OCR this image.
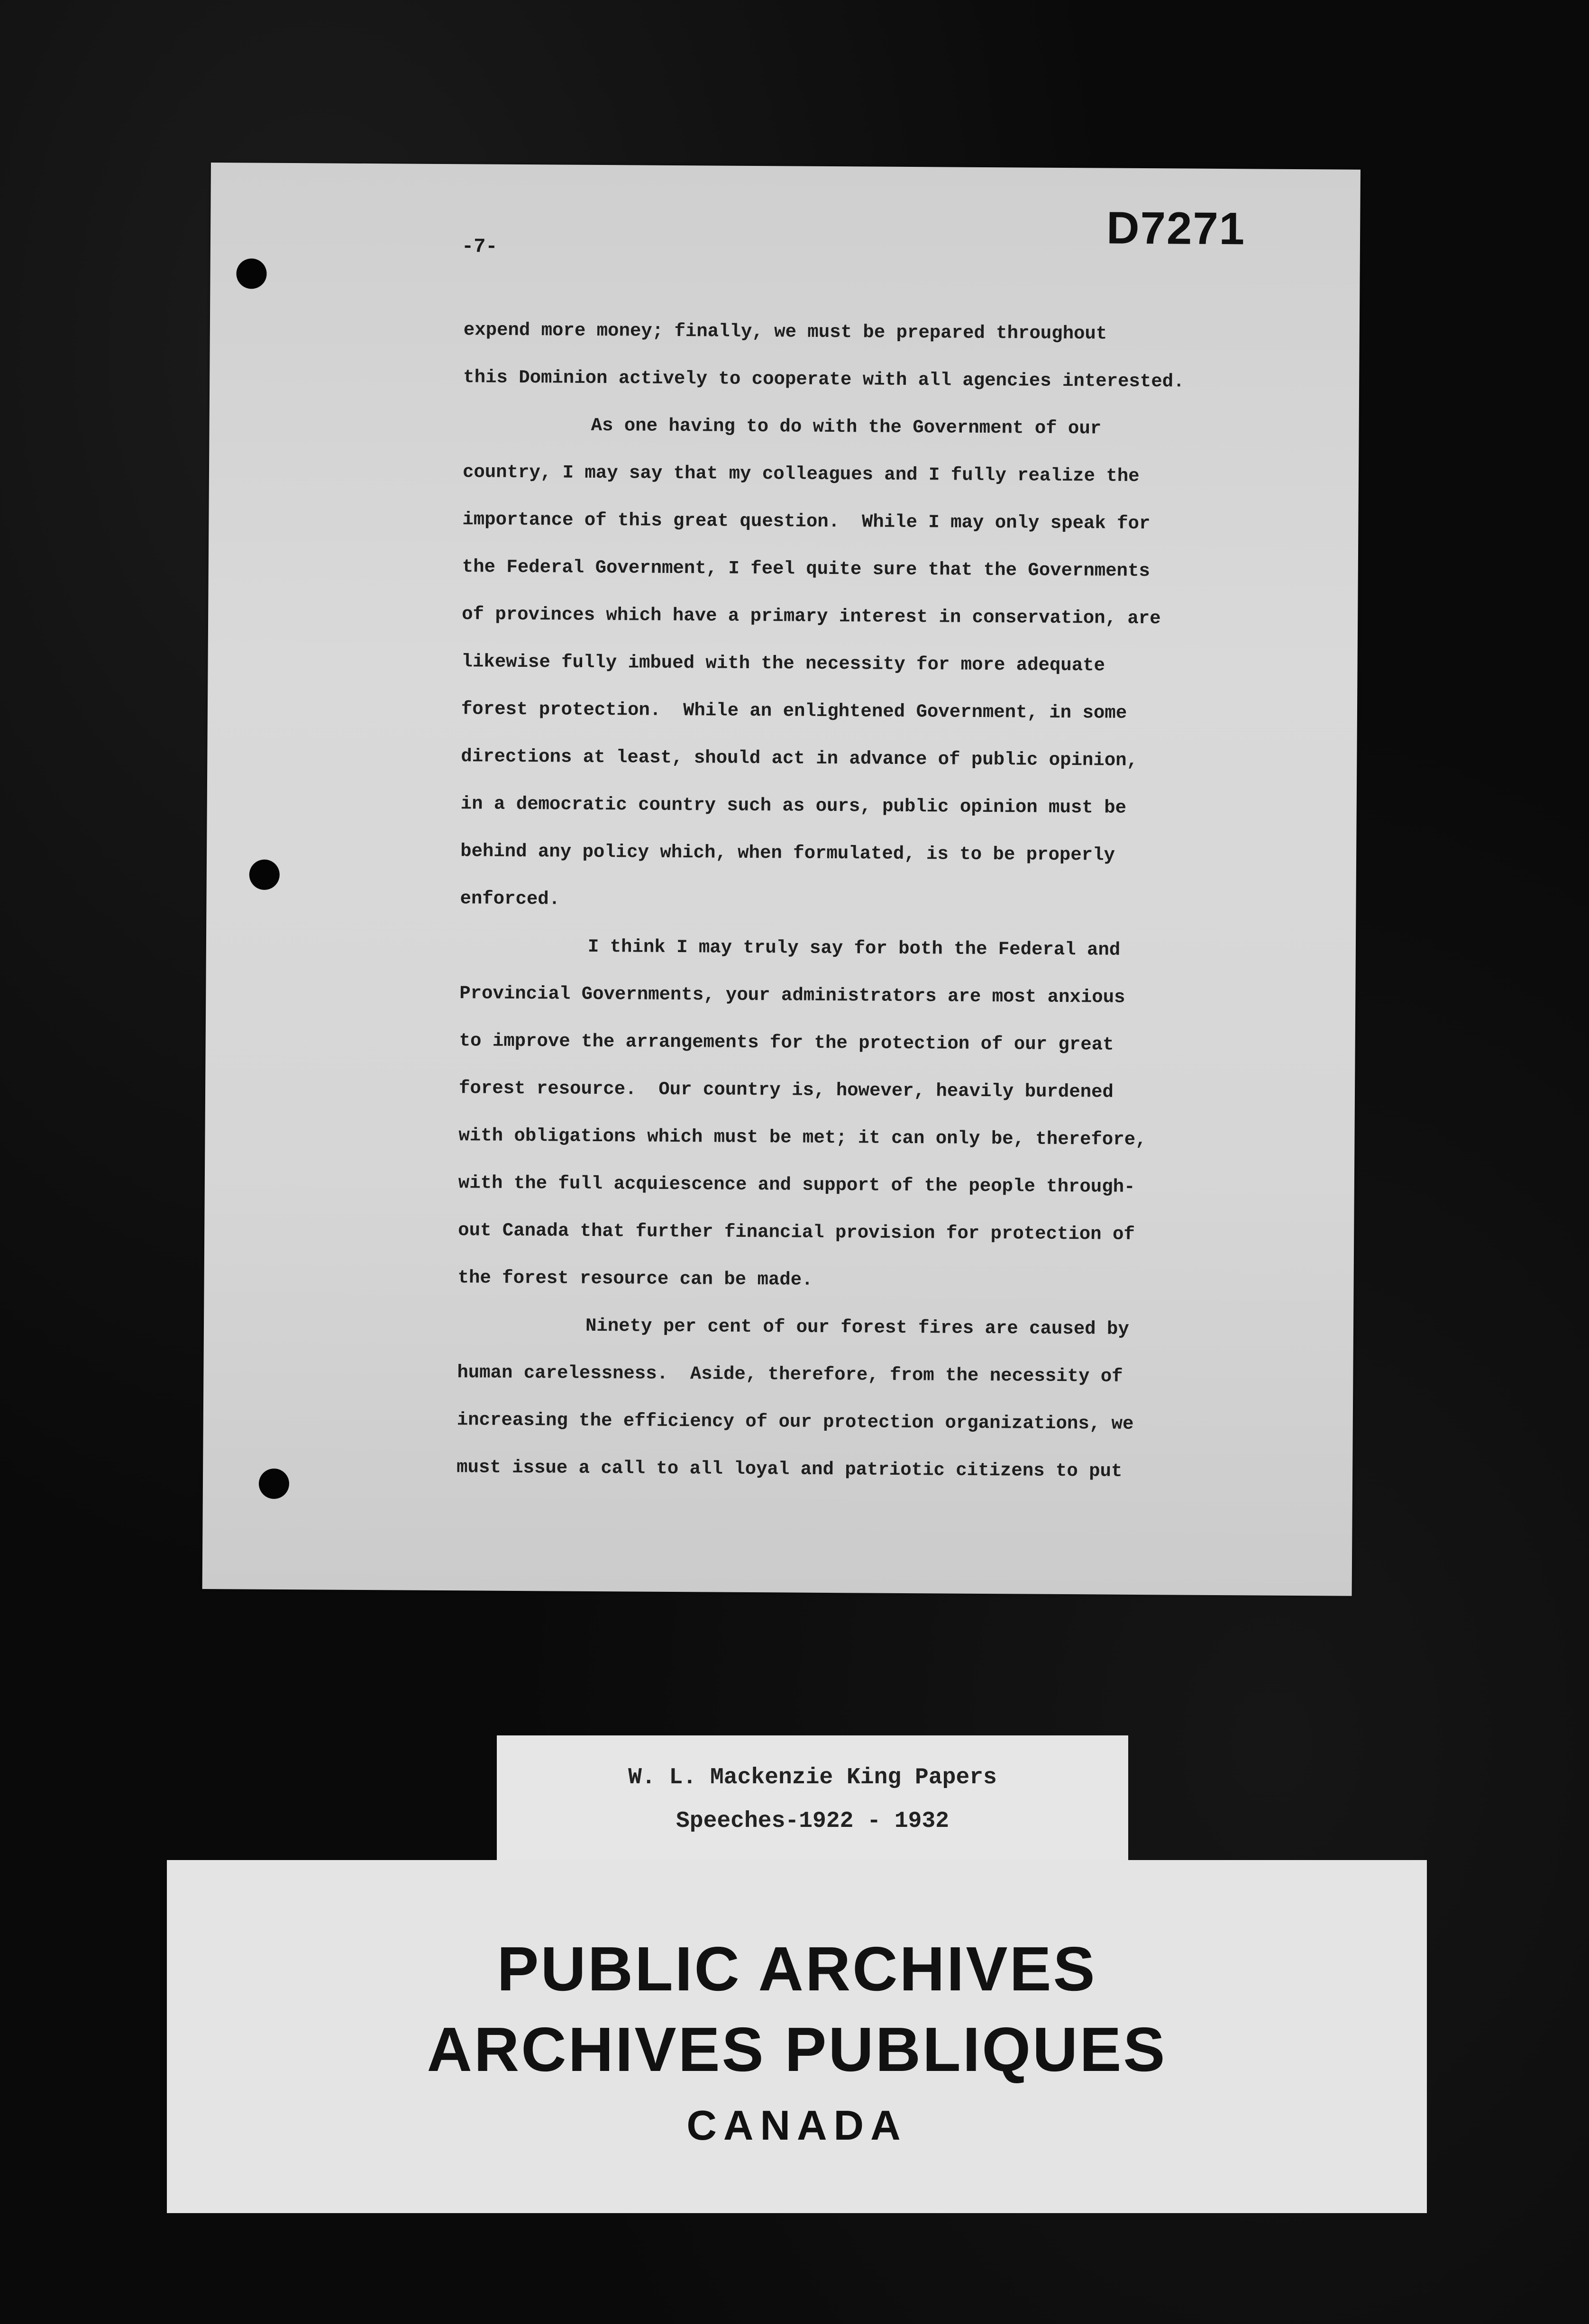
-7-	D7271
expend more money; finally, we must be prepared throughout
this Dominion actively to cooperate with all agencies interested.
As one having to do with the Government of our
country, I may say that my colleagues and I fully realize the
importance of this great question.  While I may only speak for
the Federal Government, I feel quite sure that the Governments
of provinces which have a primary interest in conservation, are
likewise fully imbued with the necessity for more adequate
forest protection.  While an enlightened Government, in some
directions at least, should act in advance of public opinion,
in a democratic country such as ours, public opinion must be
behind any policy which, when formulated, is to be properly
enforced.
I think I may truly say for both the Federal and
Provincial Governments, your administrators are most anxious
to improve the arrangements for the protection of our great
forest resource.  Our country is, however, heavily burdened
with obligations which must be met; it can only be, therefore,
with the full acquiescence and support of the people through-
out Canada that further financial provision for protection of
the forest resource can be made.
Ninety per cent of our forest fires are caused by
human carelessness.  Aside, therefore, from the necessity of
increasing the efficiency of our protection organizations, we
must issue a call to all loyal and patriotic citizens to put
W. L. Mackenzie King Papers
Speeches-1922 - 1932
PUBLIC ARCHIVES
ARCHIVES PUBLIQUES
CANADA
